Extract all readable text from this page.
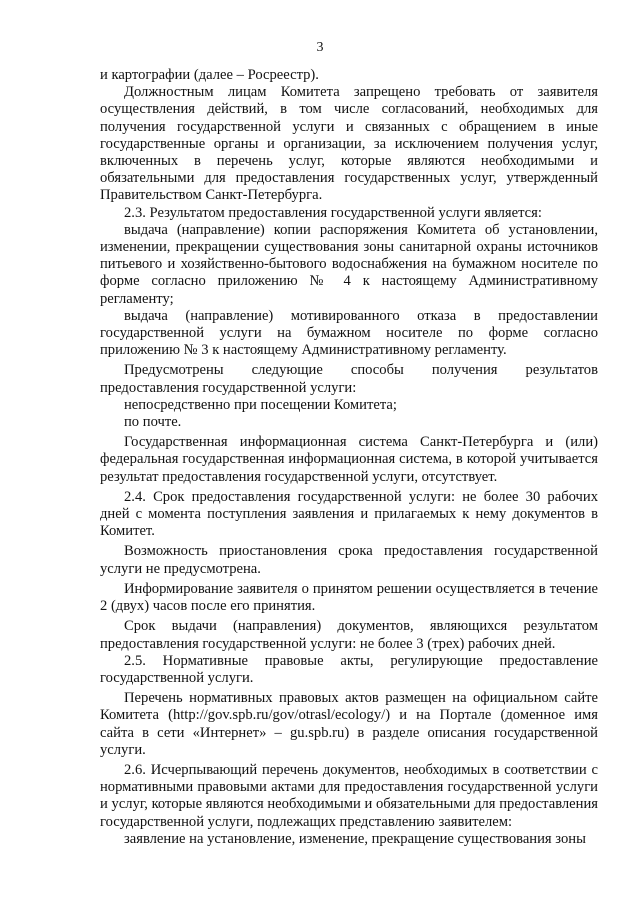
3

и картографии (далее – Росреестр).

Должностным лицам Комитета запрещено требовать от заявителя осуществления действий, в том числе согласований, необходимых для получения государственной услуги и связанных с обращением в иные государственные органы и организации, за исключением получения услуг, включенных в перечень услуг, которые являются необходимыми и обязательными для предоставления государственных услуг, утвержденный Правительством Санкт-Петербурга.

2.3. Результатом предоставления государственной услуги является:

выдача (направление) копии распоряжения Комитета об установлении, изменении, прекращении существования зоны санитарной охраны источников питьевого и хозяйственно-бытового водоснабжения на бумажном носителе по форме согласно приложению № 4 к настоящему Административному регламенту;

выдача (направление) мотивированного отказа в предоставлении государственной услуги на бумажном носителе по форме согласно приложению № 3 к настоящему Административному регламенту.

Предусмотрены следующие способы получения результатов предоставления государственной услуги:

непосредственно при посещении Комитета;

по почте.

Государственная информационная система Санкт-Петербурга и (или) федеральная государственная информационная система, в которой учитывается результат предоставления государственной услуги, отсутствует.

2.4. Срок предоставления государственной услуги: не более 30 рабочих дней с момента поступления заявления и прилагаемых к нему документов в Комитет.

Возможность приостановления срока предоставления государственной услуги не предусмотрена.

Информирование заявителя о принятом решении осуществляется в течение 2 (двух) часов после его принятия.

Срок выдачи (направления) документов, являющихся результатом предоставления государственной услуги: не более 3 (трех) рабочих дней.

2.5. Нормативные правовые акты, регулирующие предоставление государственной услуги.

Перечень нормативных правовых актов размещен на официальном сайте Комитета (http://gov.spb.ru/gov/otrasl/ecology/) и на Портале (доменное имя сайта в сети «Интернет» – gu.spb.ru) в разделе описания государственной услуги.

2.6. Исчерпывающий перечень документов, необходимых в соответствии с нормативными правовыми актами для предоставления государственной услуги и услуг, которые являются необходимыми и обязательными для предоставления государственной услуги, подлежащих представлению заявителем:

заявление на установление, изменение, прекращение существования зоны
